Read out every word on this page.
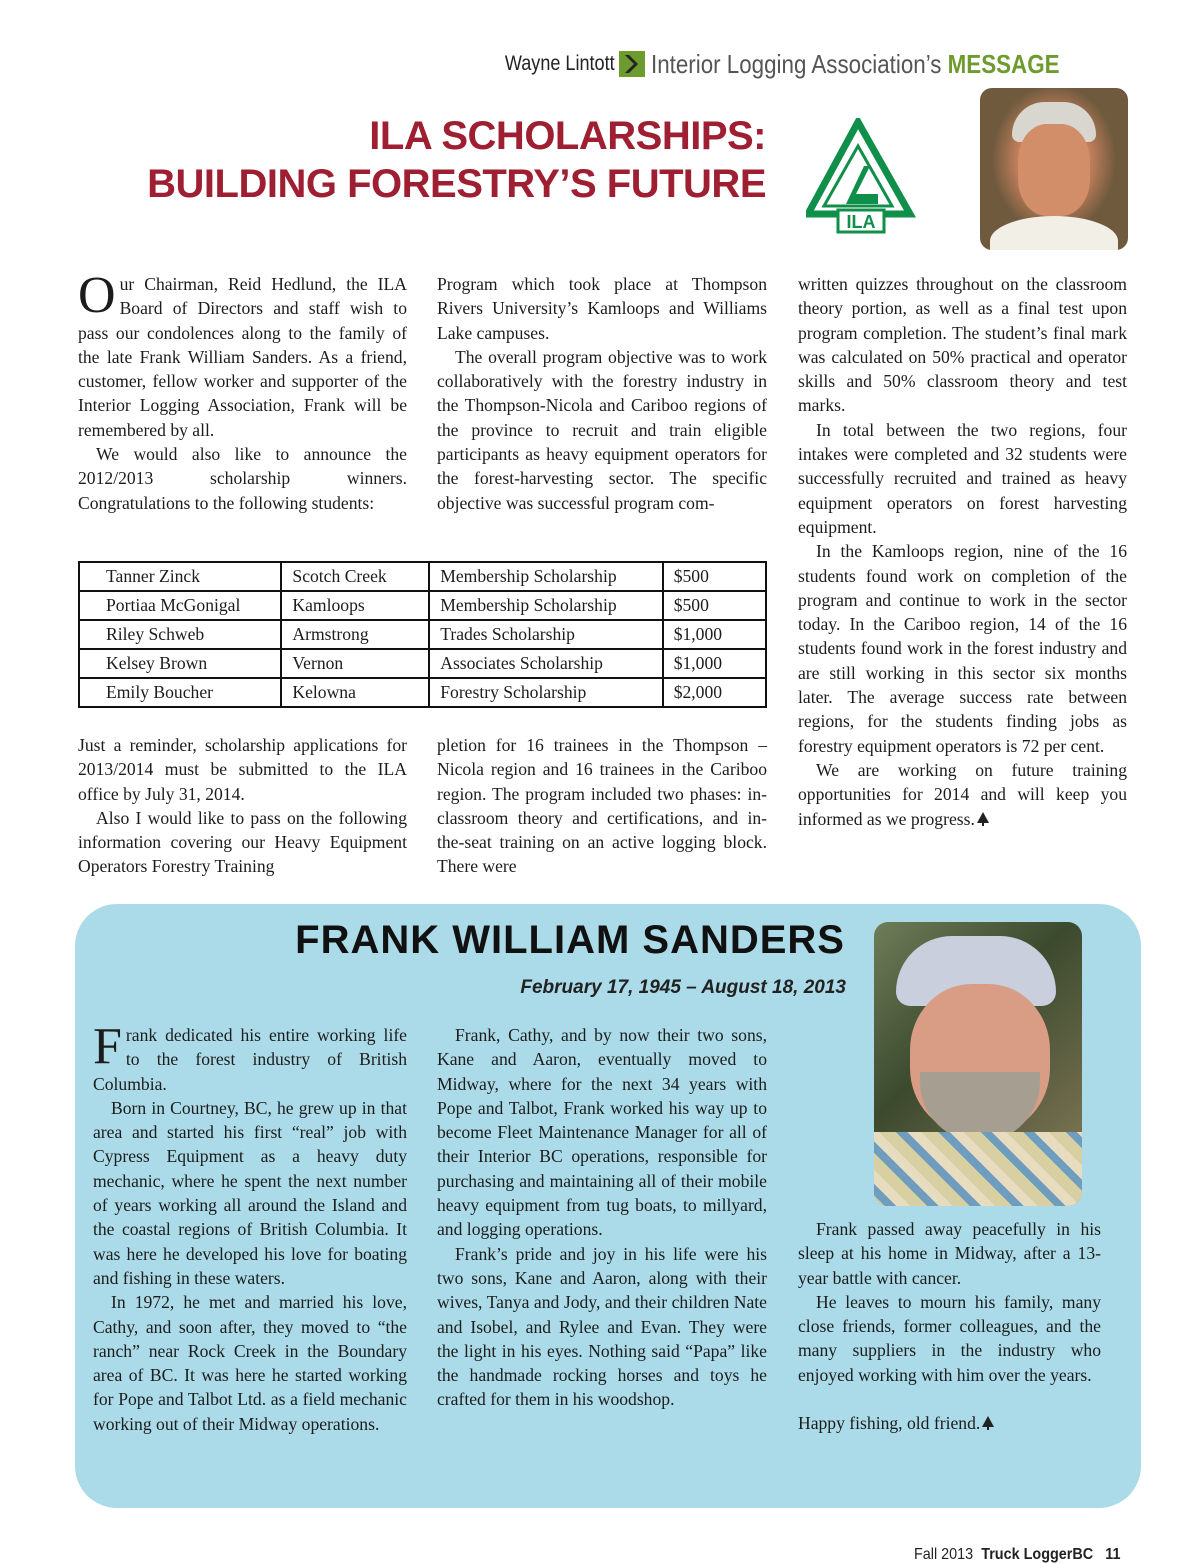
Wayne Lintott Interior Logging Association’s MESSAGE
ILA SCHOLARSHIPS:
BUILDING FORESTRY’S FUTURE
ILA

Our Chairman, Reid Hedlund, the ILA Board of Directors and staff wish to pass our condolences along to the family of the late Frank William Sanders. As a friend, customer, fellow worker and supporter of the Interior Logging Association, Frank will be remembered by all.

We would also like to announce the 2012/2013 scholarship winners. Congratulations to the following students:

Program which took place at Thompson Rivers University’s Kamloops and Williams Lake campuses.

The overall program objective was to work collaboratively with the forestry industry in the Thompson-Nicola and Cariboo regions of the province to recruit and train eligible participants as heavy equipment operators for the forest-harvesting sector. The specific objective was successful program com-

written quizzes throughout on the classroom theory portion, as well as a final test upon program completion. The student’s final mark was calculated on 50% practical and operator skills and 50% classroom theory and test marks.

In total between the two regions, four intakes were completed and 32 students were successfully recruited and trained as heavy equipment operators on forest harvesting equipment.

In the Kamloops region, nine of the 16 students found work on completion of the program and continue to work in the sector today. In the Cariboo region, 14 of the 16 students found work in the forest industry and are still working in this sector six months later. The average success rate between regions, for the students finding jobs as forestry equipment operators is 72 per cent.

We are working on future training opportunities for 2014 and will keep you informed as we progress.

Tanner Zinck	Scotch Creek	Membership Scholarship	$500
Portiaa McGonigal	Kamloops	Membership Scholarship	$500
Riley Schweb	Armstrong	Trades Scholarship	$1,000
Kelsey Brown	Vernon	Associates Scholarship	$1,000
Emily Boucher	Kelowna	Forestry Scholarship	$2,000

Just a reminder, scholarship applications for 2013/2014 must be submitted to the ILA office by July 31, 2014.

Also I would like to pass on the following information covering our Heavy Equipment Operators Forestry Training

pletion for 16 trainees in the Thompson –Nicola region and 16 trainees in the Cariboo region. The program included two phases: in-classroom theory and certifications, and in-the-seat training on an active logging block. There were

FRANK WILLIAM SANDERS
February 17, 1945 – August 18, 2013

Frank dedicated his entire working life to the forest industry of British Columbia.

Born in Courtney, BC, he grew up in that area and started his first “real” job with Cypress Equipment as a heavy duty mechanic, where he spent the next number of years working all around the Island and the coastal regions of British Columbia. It was here he developed his love for boating and fishing in these waters.

In 1972, he met and married his love, Cathy, and soon after, they moved to “the ranch” near Rock Creek in the Boundary area of BC. It was here he started working for Pope and Talbot Ltd. as a field mechanic working out of their Midway operations.

Frank, Cathy, and by now their two sons, Kane and Aaron, eventually moved to Midway, where for the next 34 years with Pope and Talbot, Frank worked his way up to become Fleet Maintenance Manager for all of their Interior BC operations, responsible for purchasing and maintaining all of their mobile heavy equipment from tug boats, to millyard, and logging operations.

Frank’s pride and joy in his life were his two sons, Kane and Aaron, along with their wives, Tanya and Jody, and their children Nate and Isobel, and Rylee and Evan. They were the light in his eyes. Nothing said “Papa” like the handmade rocking horses and toys he crafted for them in his woodshop.

Frank passed away peacefully in his sleep at his home in Midway, after a 13-year battle with cancer.

He leaves to mourn his family, many close friends, former colleagues, and the many suppliers in the industry who enjoyed working with him over the years.

Happy fishing, old friend.

Fall 2013 Truck LoggerBC 11
